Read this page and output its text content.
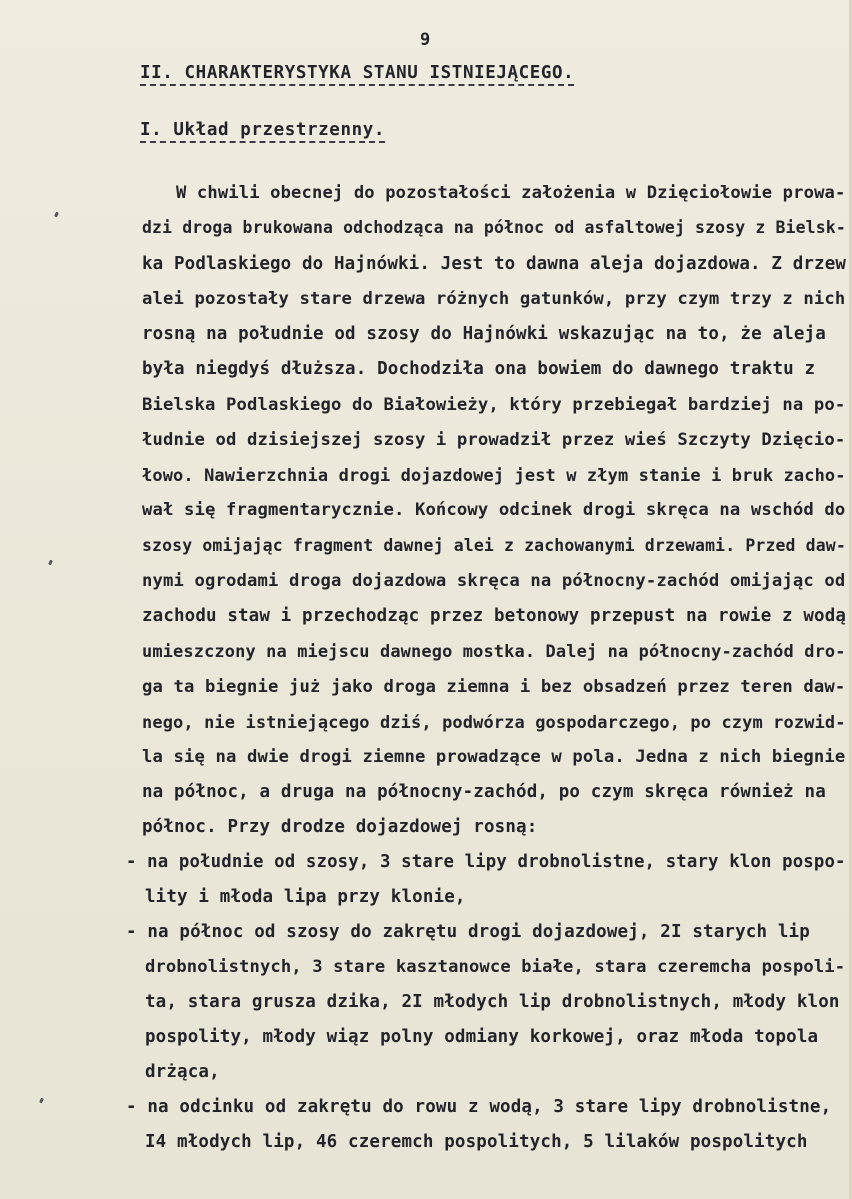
9
II. CHARAKTERYSTYKA STANU ISTNIEJĄCEGO.
I. Układ przestrzenny.
W chwili obecnej do pozostałości założenia w Dzięciołowie prowa-
dzi droga brukowana odchodząca na północ od asfaltowej szosy z Bielsk-
ka Podlaskiego do Hajnówki. Jest to dawna aleja dojazdowa. Z drzew
alei pozostały stare drzewa różnych gatunków, przy czym trzy z nich
rosną na południe od szosy do Hajnówki wskazując na to, że aleja
była niegdyś dłuższa. Dochodziła ona bowiem do dawnego traktu z
Bielska Podlaskiego do Białowieży, który przebiegał bardziej na po-
łudnie od dzisiejszej szosy i prowadził przez wieś Szczyty Dzięcio-
łowo. Nawierzchnia drogi dojazdowej jest w złym stanie i bruk zacho-
wał się fragmentarycznie. Końcowy odcinek drogi skręca na wschód do
szosy omijając fragment dawnej alei z zachowanymi drzewami. Przed daw-
nymi ogrodami droga dojazdowa skręca na północny-zachód omijając od
zachodu staw i przechodząc przez betonowy przepust na rowie z wodą
umieszczony na miejscu dawnego mostka. Dalej na północny-zachód dro-
ga ta biegnie już jako droga ziemna i bez obsadzeń przez teren daw-
nego, nie istniejącego dziś, podwórza gospodarczego, po czym rozwid-
la się na dwie drogi ziemne prowadzące w pola. Jedna z nich biegnie
na północ, a druga na północny-zachód, po czym skręca również na
północ. Przy drodze dojazdowej rosną:
- na południe od szosy, 3 stare lipy drobnolistne, stary klon pospo-
lity i młoda lipa przy klonie,
- na północ od szosy do zakrętu drogi dojazdowej, 2I starych lip
drobnolistnych, 3 stare kasztanowce białe, stara czeremcha pospoli-
ta, stara grusza dzika, 2I młodych lip drobnolistnych, młody klon
pospolity, młody wiąz polny odmiany korkowej, oraz młoda topola
drżąca,
- na odcinku od zakrętu do rowu z wodą, 3 stare lipy drobnolistne,
I4 młodych lip, 46 czeremch pospolitych, 5 lilaków pospolitych
